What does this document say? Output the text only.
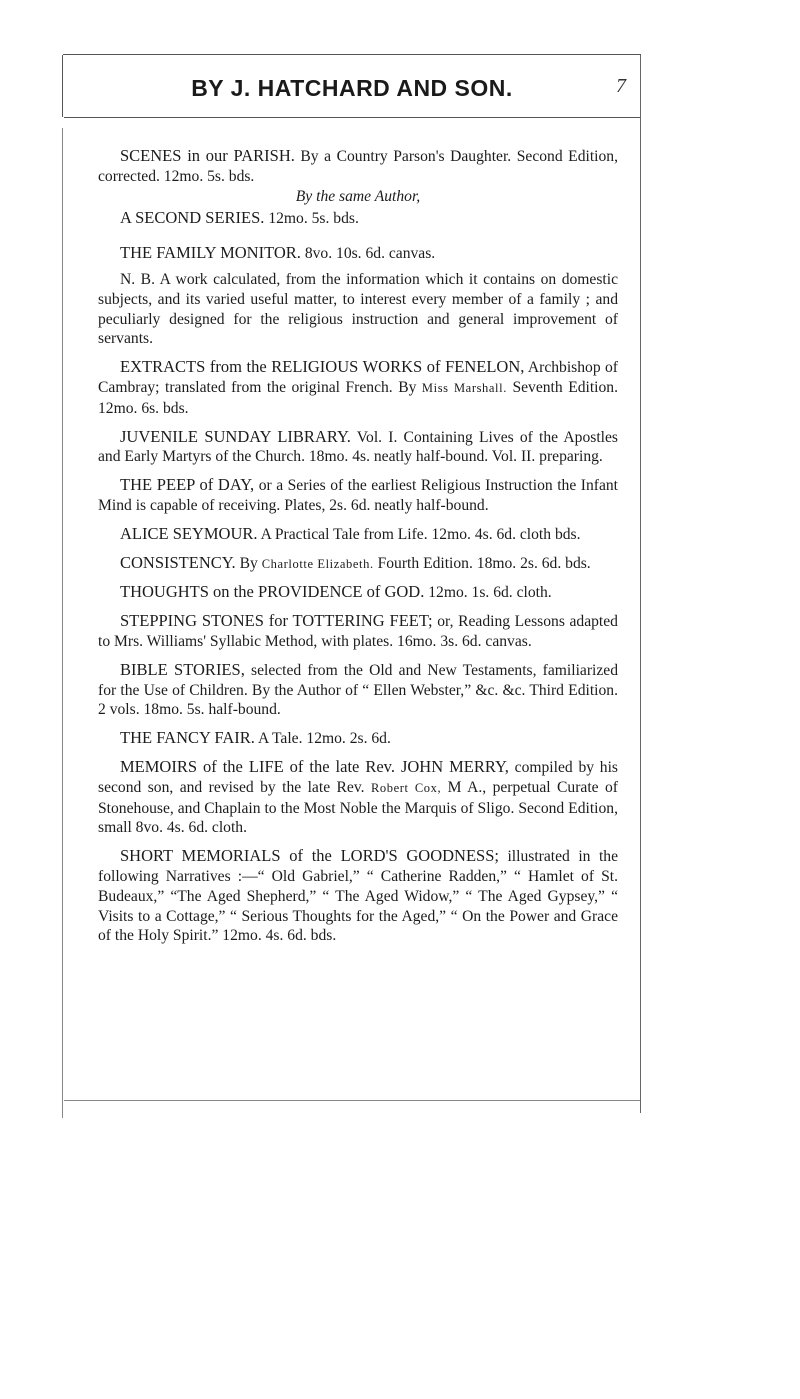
BY J. HATCHARD AND SON.	7

SCENES in our PARISH. By a Country Parson's Daughter. Second Edition, corrected. 12mo. 5s. bds.

By the same Author,

A SECOND SERIES. 12mo. 5s. bds.

THE FAMILY MONITOR. 8vo. 10s. 6d. canvas.

N. B. A work calculated, from the information which it contains on domestic subjects, and its varied useful matter, to interest every member of a family ; and peculiarly designed for the religious instruction and general improvement of servants.

EXTRACTS from the RELIGIOUS WORKS of FENELON, Archbishop of Cambray; translated from the original French. By Miss Marshall. Seventh Edition. 12mo. 6s. bds.

JUVENILE SUNDAY LIBRARY. Vol. I. Containing Lives of the Apostles and Early Martyrs of the Church. 18mo. 4s. neatly half-bound. Vol. II. preparing.

THE PEEP of DAY, or a Series of the earliest Religious Instruction the Infant Mind is capable of receiving. Plates, 2s. 6d. neatly half-bound.

ALICE SEYMOUR. A Practical Tale from Life. 12mo. 4s. 6d. cloth bds.

CONSISTENCY. By Charlotte Elizabeth. Fourth Edition. 18mo. 2s. 6d. bds.

THOUGHTS on the PROVIDENCE of GOD. 12mo. 1s. 6d. cloth.

STEPPING STONES for TOTTERING FEET; or, Reading Lessons adapted to Mrs. Williams' Syllabic Method, with plates. 16mo. 3s. 6d. canvas.

BIBLE STORIES, selected from the Old and New Testaments, familiarized for the Use of Children. By the Author of “ Ellen Webster,” &c. &c. Third Edition. 2 vols. 18mo. 5s. half-bound.

THE FANCY FAIR. A Tale. 12mo. 2s. 6d.

MEMOIRS of the LIFE of the late Rev. JOHN MERRY, compiled by his second son, and revised by the late Rev. Robert Cox, M A., perpetual Curate of Stonehouse, and Chaplain to the Most Noble the Marquis of Sligo. Second Edition, small 8vo. 4s. 6d. cloth.

SHORT MEMORIALS of the LORD'S GOODNESS; illustrated in the following Narratives :—“ Old Gabriel,” “ Catherine Radden,” “ Hamlet of St. Budeaux,” “The Aged Shepherd,” “ The Aged Widow,” “ The Aged Gypsey,” “ Visits to a Cottage,” “ Serious Thoughts for the Aged,” “ On the Power and Grace of the Holy Spirit.” 12mo. 4s. 6d. bds.
